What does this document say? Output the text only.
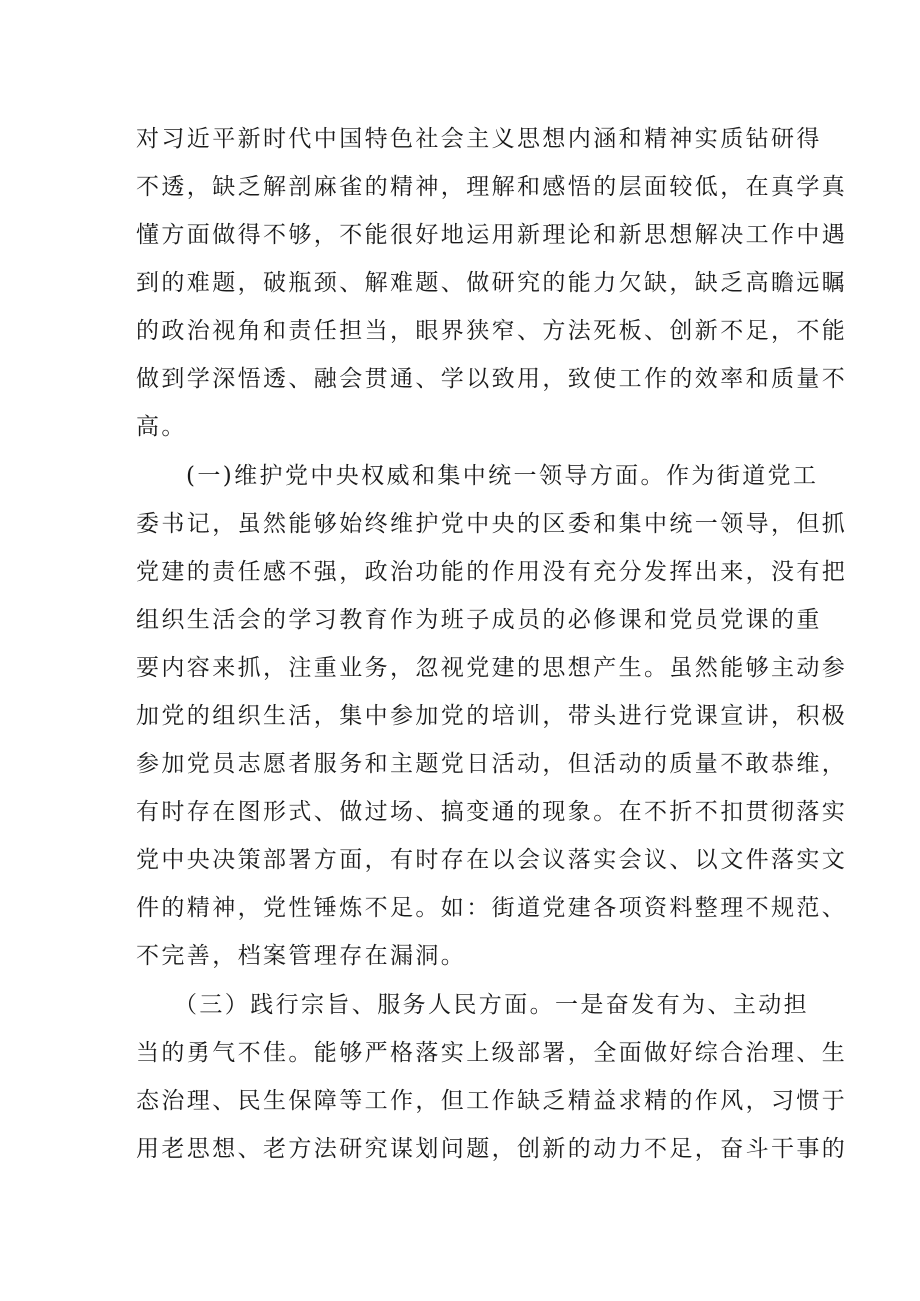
对习近平新时代中国特色社会主义思想内涵和精神实质钻研得
不透，缺乏解剖麻雀的精神，理解和感悟的层面较低，在真学真
懂方面做得不够，不能很好地运用新理论和新思想解决工作中遇
到的难题，破瓶颈、解难题、做研究的能力欠缺，缺乏高瞻远瞩
的政治视角和责任担当，眼界狭窄、方法死板、创新不足，不能
做到学深悟透、融会贯通、学以致用，致使工作的效率和质量不
高。
(一)维护党中央权威和集中统一领导方面。作为街道党工
委书记，虽然能够始终维护党中央的区委和集中统一领导，但抓
党建的责任感不强，政治功能的作用没有充分发挥出来，没有把
组织生活会的学习教育作为班子成员的必修课和党员党课的重
要内容来抓，注重业务，忽视党建的思想产生。虽然能够主动参
加党的组织生活，集中参加党的培训，带头进行党课宣讲，积极
参加党员志愿者服务和主题党日活动，但活动的质量不敢恭维，
有时存在图形式、做过场、搞变通的现象。在不折不扣贯彻落实
党中央决策部署方面，有时存在以会议落实会议、以文件落实文
件的精神，党性锤炼不足。如：街道党建各项资料整理不规范、
不完善，档案管理存在漏洞。
（三）践行宗旨、服务人民方面。一是奋发有为、主动担
当的勇气不佳。能够严格落实上级部署，全面做好综合治理、生
态治理、民生保障等工作，但工作缺乏精益求精的作风，习惯于
用老思想、老方法研究谋划问题，创新的动力不足，奋斗干事的
